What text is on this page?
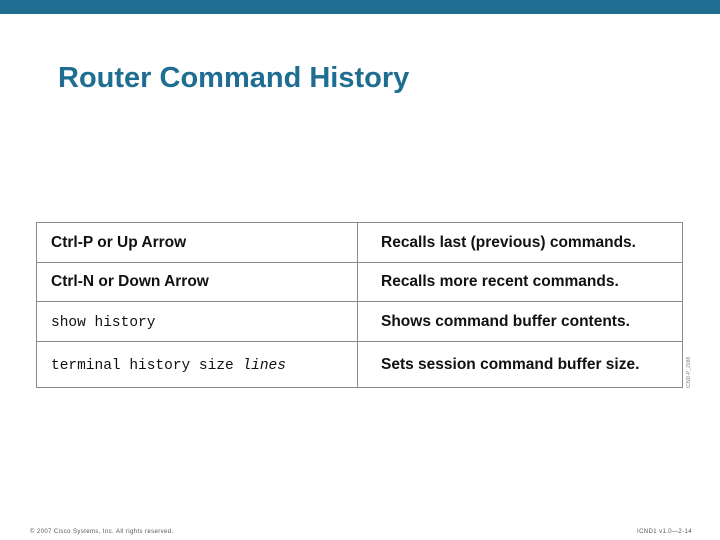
Router Command History
Ctrl-P or Up Arrow	Recalls last (previous) commands.
Ctrl-N or Down Arrow	Recalls more recent commands.
show history	Shows command buffer contents.
terminal history size lines	Sets session command buffer size.	ICND-P_2088
© 2007 Cisco Systems, Inc. All rights reserved.	ICND1 v1.0—2-14
